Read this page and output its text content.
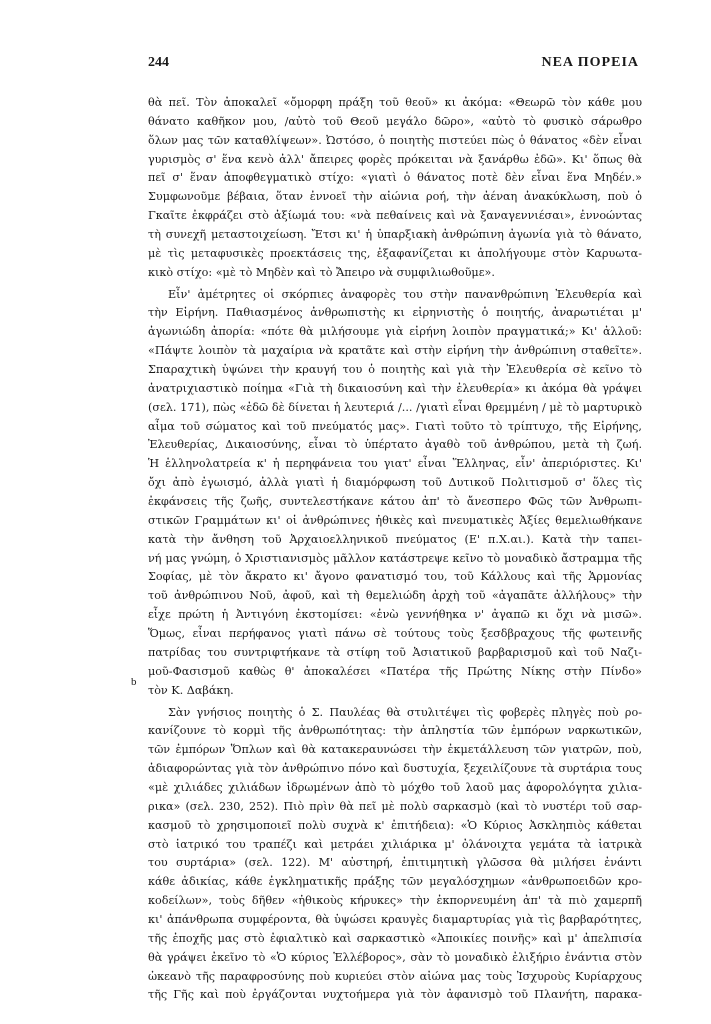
244	ΝΕΑ ΠΟΡΕΙΑ
b
θὰ πεῖ. Τὸν ἀποκαλεῖ «ὄμορφη πράξη τοῦ θεοῦ» κι ἀκόμα: «Θεωρῶ τὸν κάθε μου
θάνατο καθῆκον μου, /αὐτὸ τοῦ Θεοῦ μεγάλο δῶρο», «αὐτὸ τὸ φυσικὸ σάρωθρο
ὅλων μας τῶν καταθλίψεων». Ὠστόσο, ὁ ποιητὴς πιστεύει πὼς ὁ θάνατος «δὲν εἶναι
γυρισμὸς σ' ἕνα κενὸ ἀλλ' ἄπειρες φορὲς πρόκειται νὰ ξανάρθω ἐδῶ». Κι' ὅπως θὰ
πεῖ σ' ἕναν ἀποφθεγματικὸ στίχο: «γιατὶ ὁ θάνατος ποτὲ δὲν εἶναι ἕνα Μηδέν.»
Συμφωνοῦμε βέβαια, ὅταν ἐννοεῖ τὴν αἰώνια ροή, τὴν ἀέναη ἀνακύκλωση, ποὺ ὁ
Γκαῖτε ἐκφράζει στὸ ἀξίωμά του: «νὰ πεθαίνεις καὶ νὰ ξαναγεννιέσαι», ἐννοώντας
τὴ συνεχῆ μεταστοιχείωση. Ἔτσι κι' ἡ ὑπαρξιακὴ ἀνθρώπινη ἀγωνία γιὰ τὸ θάνατο,
μὲ τὶς μεταφυσικὲς προεκτάσεις της, ἐξαφανίζεται κι ἀπολήγουμε στὸν Καρυωτα-
κικὸ στίχο: «μὲ τὸ Μηδὲν καὶ τὸ Ἄπειρο νὰ συμφιλιωθοῦμε».
Εἶν' ἀμέτρητες οἱ σκόρπιες ἀναφορὲς του στὴν πανανθρώπινη Ἐλευθερία καὶ
τὴν Εἰρήνη. Παθιασμένος ἀνθρωπιστὴς κι εἰρηνιστὴς ὁ ποιητής, ἀναρωτιέται μ'
ἀγωνιώδη ἀπορία: «πότε θὰ μιλήσουμε γιὰ εἰρήνη λοιπὸν πραγματικά;» Κι' ἀλλοῦ:
«Πάψτε λοιπὸν τὰ μαχαίρια νὰ κρατᾶτε καὶ στὴν εἰρήνη τὴν ἀνθρώπινη σταθεῖτε».
Σπαραχτικὴ ὑψώνει τὴν κραυγή του ὁ ποιητὴς καὶ γιὰ τὴν Ἐλευθερία σὲ κεῖνο τὸ
ἀνατριχιαστικὸ ποίημα «Γιὰ τὴ δικαιοσύνη καὶ τὴν ἐλευθερία» κι ἀκόμα θὰ γράψει
(σελ. 171), πὼς «ἐδῶ δὲ δίνεται ἡ λευτεριά /... /γιατὶ εἶναι θρεμμένη / μὲ τὸ μαρτυρικὸ
αἷμα τοῦ σώματος καὶ τοῦ πνεύματός μας». Γιατὶ τοῦτο τὸ τρίπτυχο, τῆς Εἰρήνης,
Ἐλευθερίας, Δικαιοσύνης, εἶναι τὸ ὑπέρτατο ἀγαθὸ τοῦ ἀνθρώπου, μετὰ τὴ ζωή.
Ἡ ἑλληνολατρεία κ' ἡ περηφάνεια του γιατ' εἶναι Ἕλληνας, εἶν' ἀπεριόριστες. Κι'
ὄχι ἀπὸ ἐγωισμό, ἀλλὰ γιατὶ ἡ διαμόρφωση τοῦ Δυτικοῦ Πολιτισμοῦ σ' ὅλες τὶς
ἐκφάνσεις τῆς ζωῆς, συντελεστήκανε κάτου ἀπ' τὸ ἄνεσπερο Φῶς τῶν Ἀνθρωπι-
στικῶν Γραμμάτων κι' οἱ ἀνθρώπινες ἠθικὲς καὶ πνευματικὲς Ἀξίες θεμελιωθήκανε
κατὰ τὴν ἄνθηση τοῦ Ἀρχαιοελληνικοῦ πνεύματος (Ε' π.Χ.αι.). Κατὰ τὴν ταπει-
νή μας γνώμη, ὁ Χριστιανισμὸς μᾶλλον κατάστρεψε κεῖνο τὸ μοναδικὸ ἄστραμμα τῆς
Σοφίας, μὲ τὸν ἄκρατο κι' ἄγονο φανατισμό του, τοῦ Κάλλους καὶ τῆς Ἁρμονίας
τοῦ ἀνθρώπινου Νοῦ, ἀφοῦ, καὶ τὴ θεμελιώδη ἀρχὴ τοῦ «ἀγαπᾶτε ἀλλήλους» τὴν
εἶχε πρώτη ἡ Ἀντιγόνη ἐκστομίσει: «ἐνὼ γεννήθηκα ν' ἀγαπῶ κι ὄχι νὰ μισῶ».
Ὅμως, εἶναι περήφανος γιατὶ πάνω σὲ τούτους τοὺς ξεσδβραχους τῆς φωτεινῆς
πατρίδας του συντριφτήκανε τὰ στίφη τοῦ Ἀσιατικοῦ βαρβαρισμοῦ καὶ τοῦ Ναζι-
μοῦ-Φασισμοῦ καθὼς θ' ἀποκαλέσει «Πατέρα τῆς Πρώτης Νίκης στὴν Πίνδο»
τὸν Κ. Δαβάκη.
Σὰν γνήσιος ποιητὴς ὁ Σ. Παυλέας θὰ στυλιτέψει τὶς φοβερὲς πληγὲς ποὺ ρο-
κανίζουνε τὸ κορμὶ τῆς ἀνθρωπότητας: τὴν ἀπληστία τῶν ἐμπόρων ναρκωτικῶν,
τῶν ἐμπόρων Ὅπλων καὶ θὰ κατακεραυνώσει τὴν ἐκμετάλλευση τῶν γιατρῶν, ποὺ,
ἀδιαφορώντας γιὰ τὸν ἀνθρώπινο πόνο καὶ δυστυχία, ξεχειλίζουνε τὰ συρτάρια τους
«μὲ χιλιάδες χιλιάδων ἱδρωμένων ἀπὸ τὸ μόχθο τοῦ λαοῦ μας ἀφορολόγητα χιλια-
ρικα» (σελ. 230, 252). Πιὸ πρὶν θὰ πεῖ μὲ πολὺ σαρκασμὸ (καὶ τὸ νυστέρι τοῦ σαρ-
κασμοῦ τὸ χρησιμοποιεῖ πολὺ συχνὰ κ' ἐπιτήδεια): «Ὁ Κύριος Ἀσκληπιὸς κάθεται
στὸ ἰατρικό του τραπέζι καὶ μετράει χιλιάρικα μ' ὀλάνοιχτα γεμάτα τὰ ἰατρικὰ
του συρτάρια» (σελ. 122). Μ' αὐστηρή, ἐπιτιμητικὴ γλῶσσα θὰ μιλήσει ἐνάντι
κάθε ἀδικίας, κάθε ἐγκληματικῆς πράξης τῶν μεγαλόσχημων «ἀνθρωποειδῶν κρο-
κοδείλων», τοὺς δῆθεν «ἠθικοὺς κήρυκες» τὴν ἐκπορνευμένη ἀπ' τὰ πιὸ χαμερπῆ
κι' ἀπάνθρωπα συμφέροντα, θὰ ὑψώσει κραυγὲς διαμαρτυρίας γιὰ τὶς βαρβαρότητες,
τῆς ἐποχῆς μας στὸ ἐφιαλτικὸ καὶ σαρκαστικὸ «Ἀποικίες ποινῆς» καὶ μ' ἀπελπισία
θὰ γράψει ἐκεῖνο τὸ «Ὁ κύριος Ἑλλέβορος», σὰν τὸ μοναδικὸ ἐλιξήριο ἐνάντια στὸν
ὠκεανὸ τῆς παραφροσύνης ποὺ κυριεύει στὸν αἰώνα μας τοὺς Ἰσχυροὺς Κυρίαρχους
τῆς Γῆς καὶ ποὺ ἐργάζονται νυχτοήμερα γιὰ τὸν ἀφανισμὸ τοῦ Πλανήτη, παρακα-
